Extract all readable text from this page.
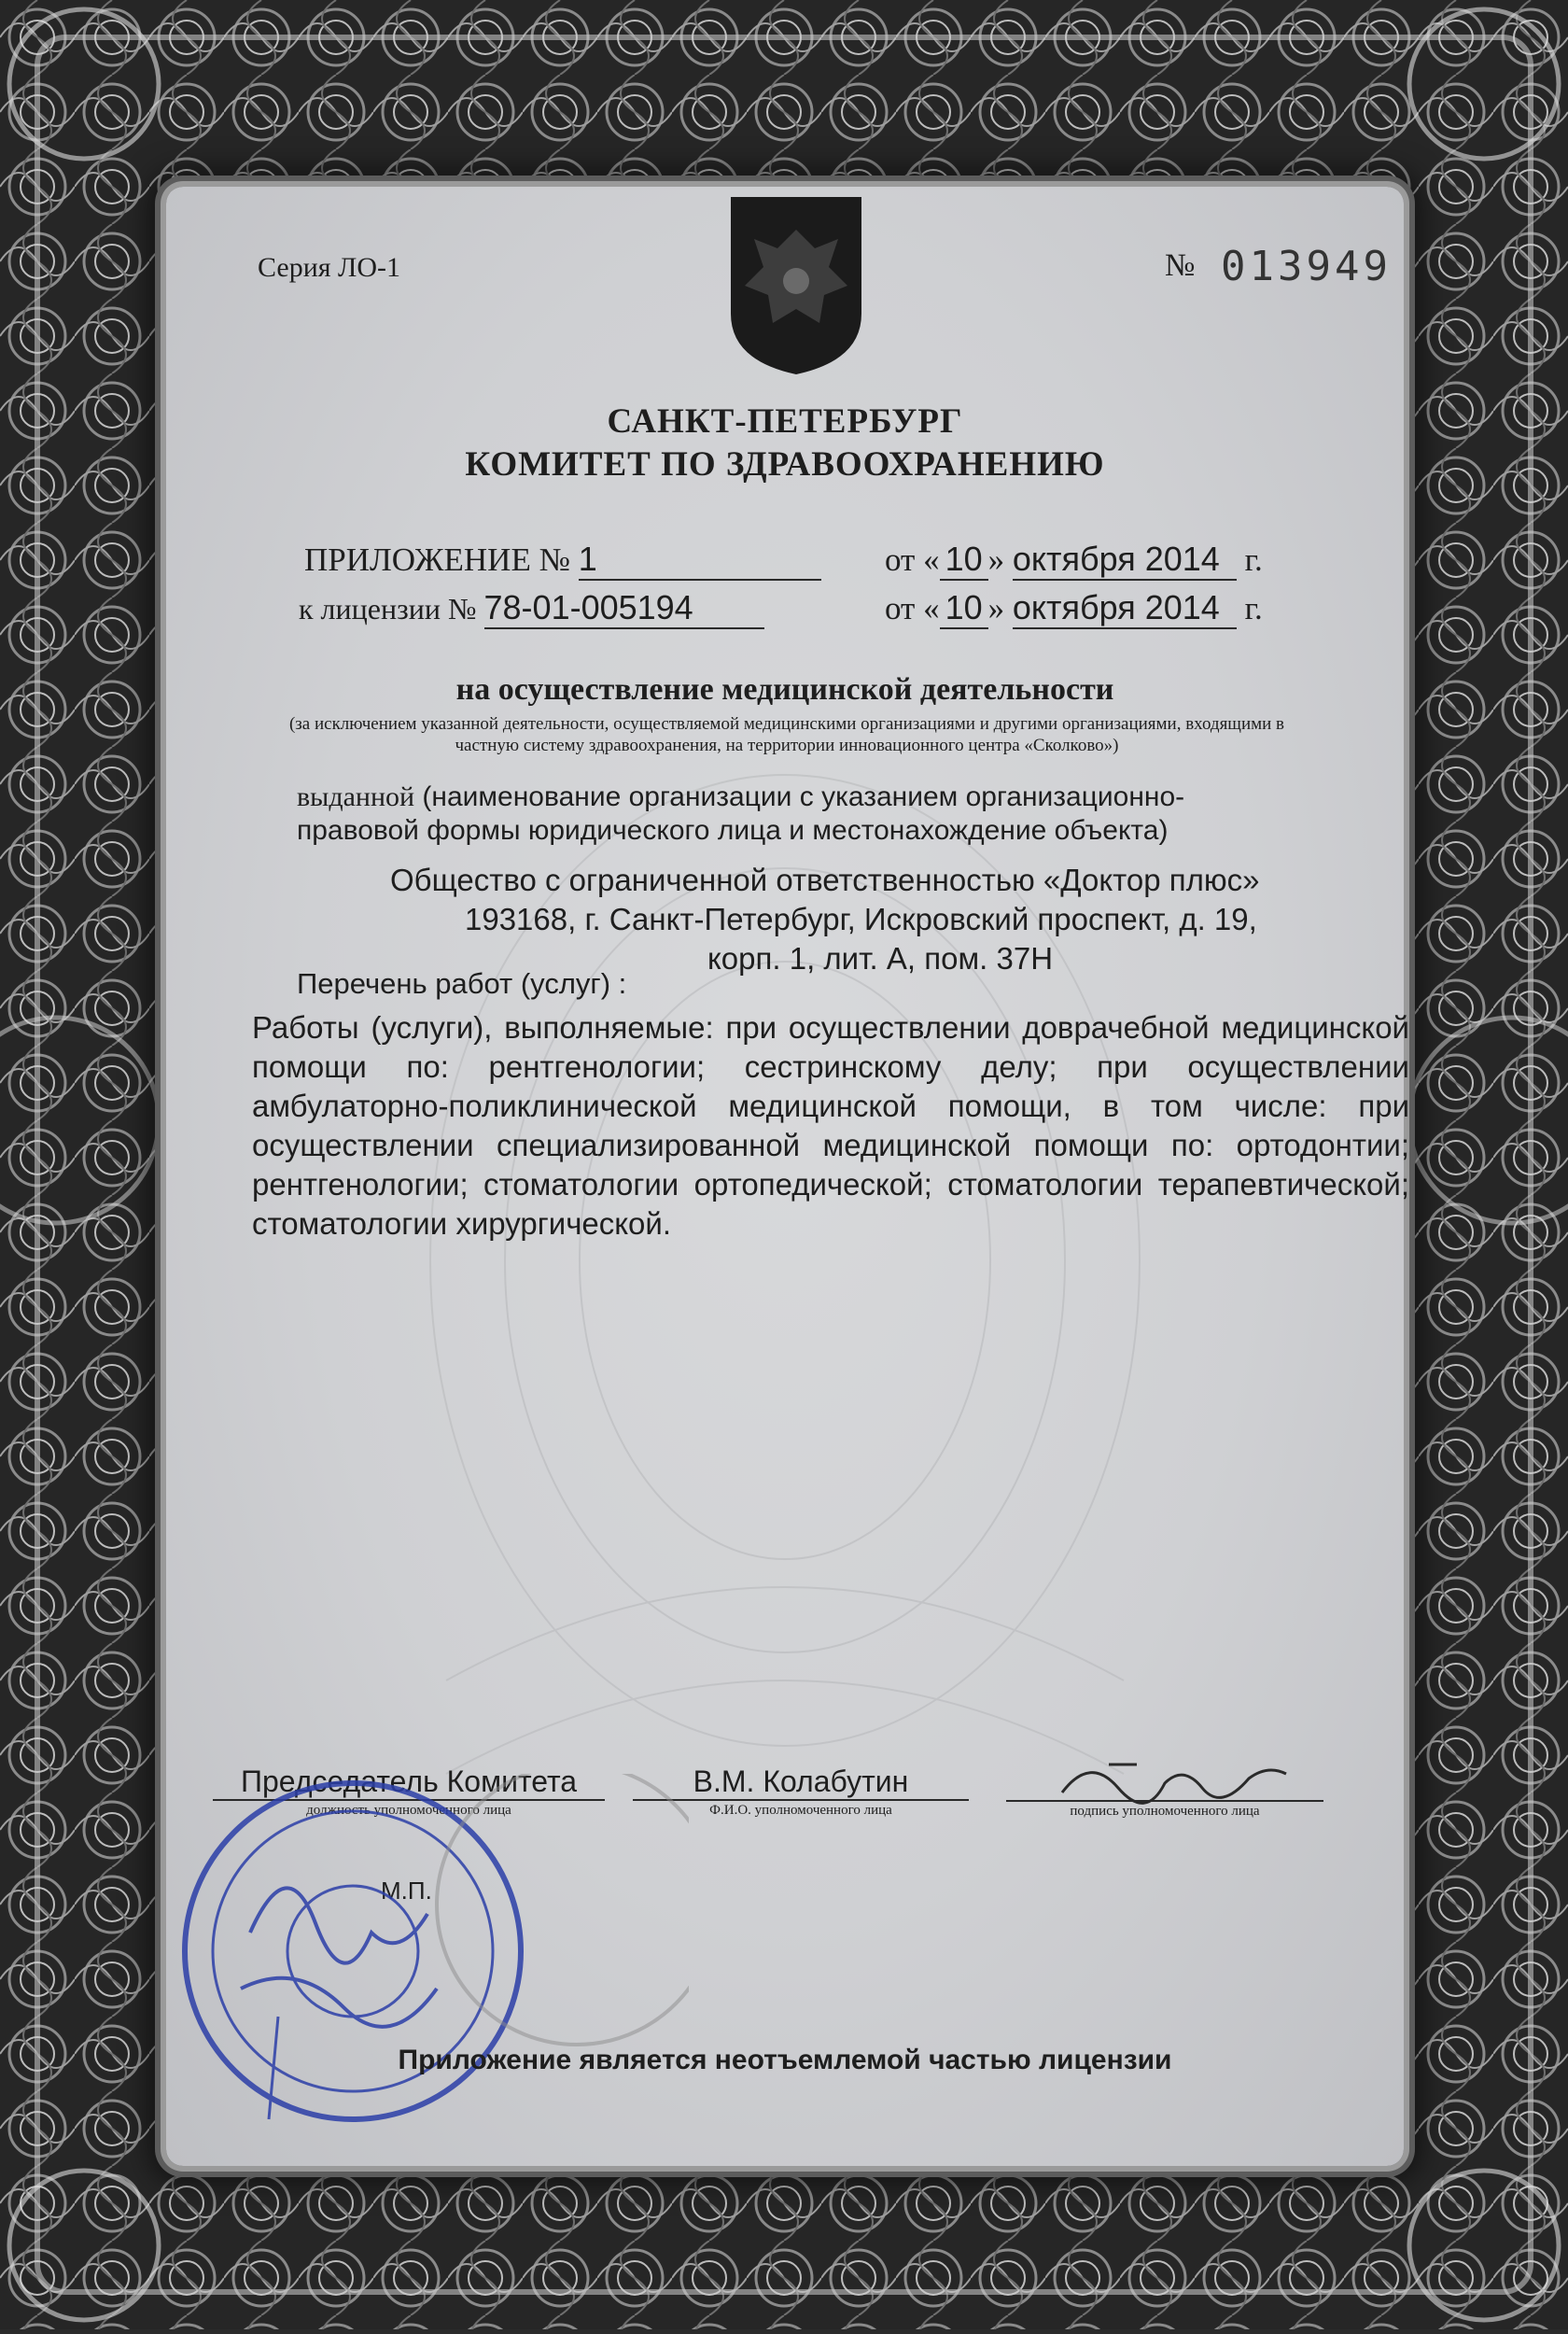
Серия ЛО-1	№ 013949
САНКТ-ПЕТЕРБУРГ
КОМИТЕТ ПО ЗДРАВООХРАНЕНИЮ
ПРИЛОЖЕНИЕ № 1	от « 10 » октября 2014 г.
к лицензии № 78-01-005194	от « 10 » октября 2014 г.
на осуществление медицинской деятельности
(за исключением указанной деятельности, осуществляемой медицинскими организациями и другими организациями, входящими в частную систему здравоохранения, на территории инновационного центра «Сколково»)
выданной (наименование организации с указанием организационно-правовой формы юридического лица и местонахождение объекта)
Общество с ограниченной ответственностью «Доктор плюс»
193168, г. Санкт-Петербург, Искровский проспект, д. 19,
корп. 1, лит. А, пом. 37Н
Перечень работ (услуг) :
Работы (услуги), выполняемые: при осуществлении доврачебной медицинской помощи по: рентгенологии; сестринскому делу; при осуществлении амбулаторно-поликлинической медицинской помощи, в том числе: при осуществлении специализированной медицинской помощи по: ортодонтии; рентгенологии; стоматологии ортопедической; стоматологии терапевтической; стоматологии хирургической.
Председатель Комитета
должность уполномоченного лица
В.М. Колабутин
Ф.И.О. уполномоченного лица	подпись уполномоченного лица
М.П.
Приложение является неотъемлемой частью лицензии
